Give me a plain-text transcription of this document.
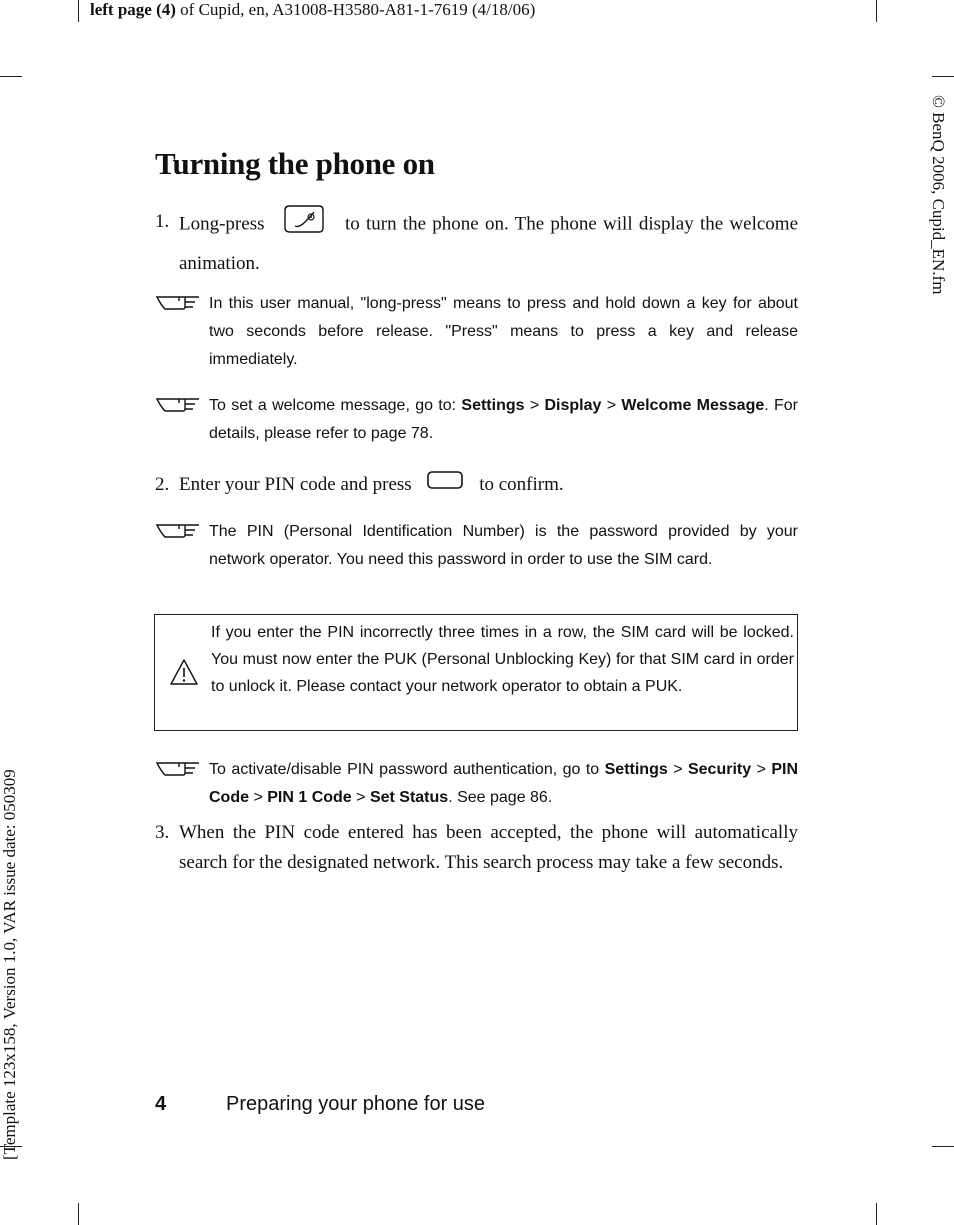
left page (4) of Cupid, en, A31008-H3580-A81-1-7619 (4/18/06)
© BenQ 2006, Cupid_EN.fm
[Template 123x158, Version 1.0, VAR issue date: 050309
Turning the phone on
1. Long-press	to turn the phone on. The phone will display the welcome animation.
In this user manual, "long-press" means to press and hold down a key for about two seconds before release. "Press" means to press a key and release immediately.
To set a welcome message, go to: Settings > Display > Welcome Message. For details, please refer to page 78.
2. Enter your PIN code and press	to confirm.
The PIN (Personal Identification Number) is the password provided by your network operator. You need this password in order to use the SIM card.
If you enter the PIN incorrectly three times in a row, the SIM card will be locked. You must now enter the PUK (Personal Unblocking Key) for that SIM card in order to unlock it. Please contact your network operator to obtain a PUK.
To activate/disable PIN password authentication, go to Settings > Security > PIN Code > PIN 1 Code > Set Status. See page 86.
3. When the PIN code entered has been accepted, the phone will automatically search for the designated network. This search process may take a few seconds.
4	Preparing your phone for use
